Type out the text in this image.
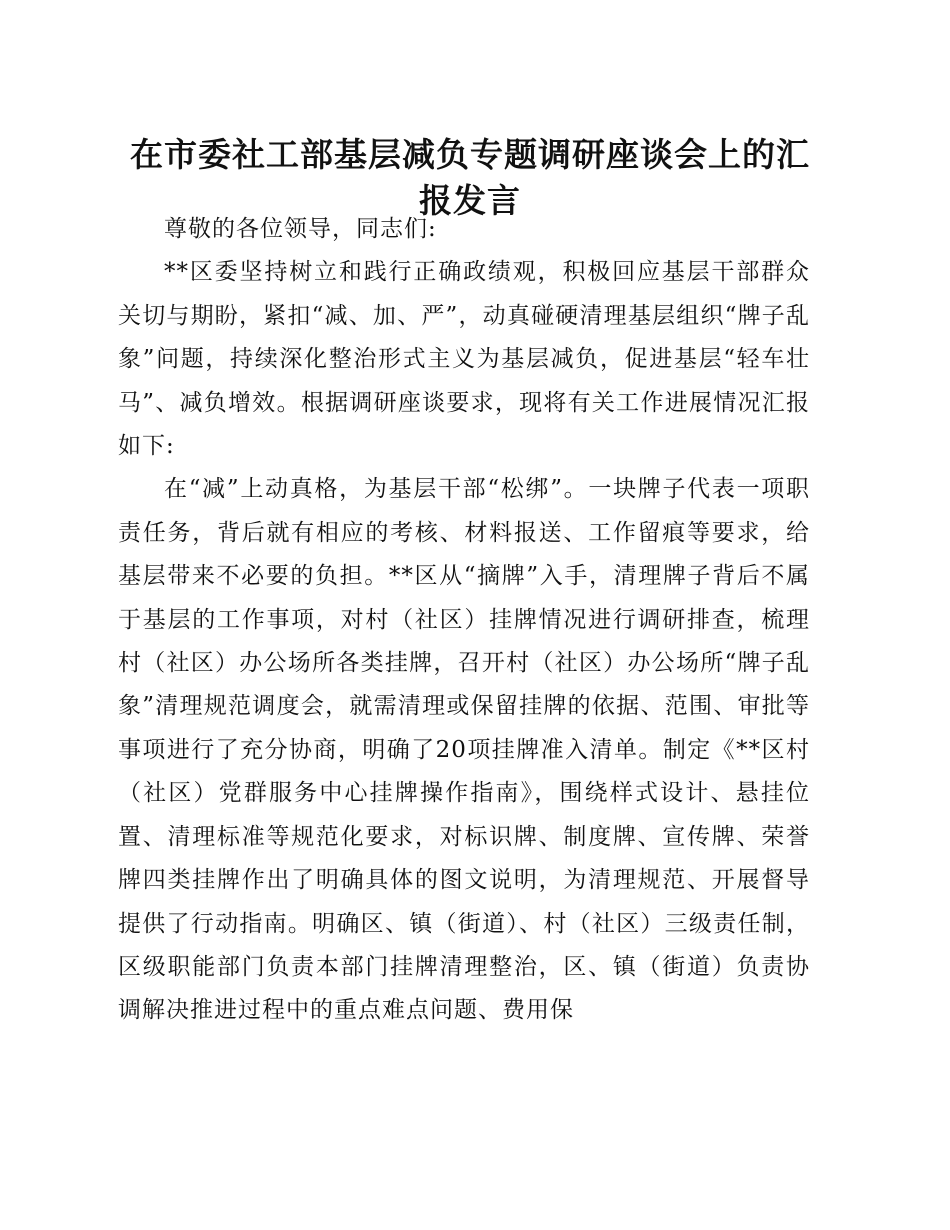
在市委社工部基层减负专题调研座谈会上的汇报发言

尊敬的各位领导，同志们:

**区委坚持树立和践行正确政绩观，积极回应基层干部群众关切与期盼，紧扣“减、加、严”，动真碰硬清理基层组织“牌子乱象”问题，持续深化整治形式主义为基层减负，促进基层“轻车壮马”、减负增效。根据调研座谈要求，现将有关工作进展情况汇报如下:

在“减”上动真格，为基层干部“松绑”。一块牌子代表一项职责任务，背后就有相应的考核、材料报送、工作留痕等要求，给基层带来不必要的负担。**区从“摘牌”入手，清理牌子背后不属于基层的工作事项，对村（社区）挂牌情况进行调研排查，梳理村（社区）办公场所各类挂牌，召开村（社区）办公场所“牌子乱象”清理规范调度会，就需清理或保留挂牌的依据、范围、审批等事项进行了充分协商，明确了20项挂牌准入清单。制定《**区村（社区）党群服务中心挂牌操作指南》，围绕样式设计、悬挂位置、清理标准等规范化要求，对标识牌、制度牌、宣传牌、荣誉牌四类挂牌作出了明确具体的图文说明，为清理规范、开展督导提供了行动指南。明确区、镇（街道）、村（社区）三级责任制，区级职能部门负责本部门挂牌清理整治，区、镇（街道）负责协调解决推进过程中的重点难点问题、费用保
